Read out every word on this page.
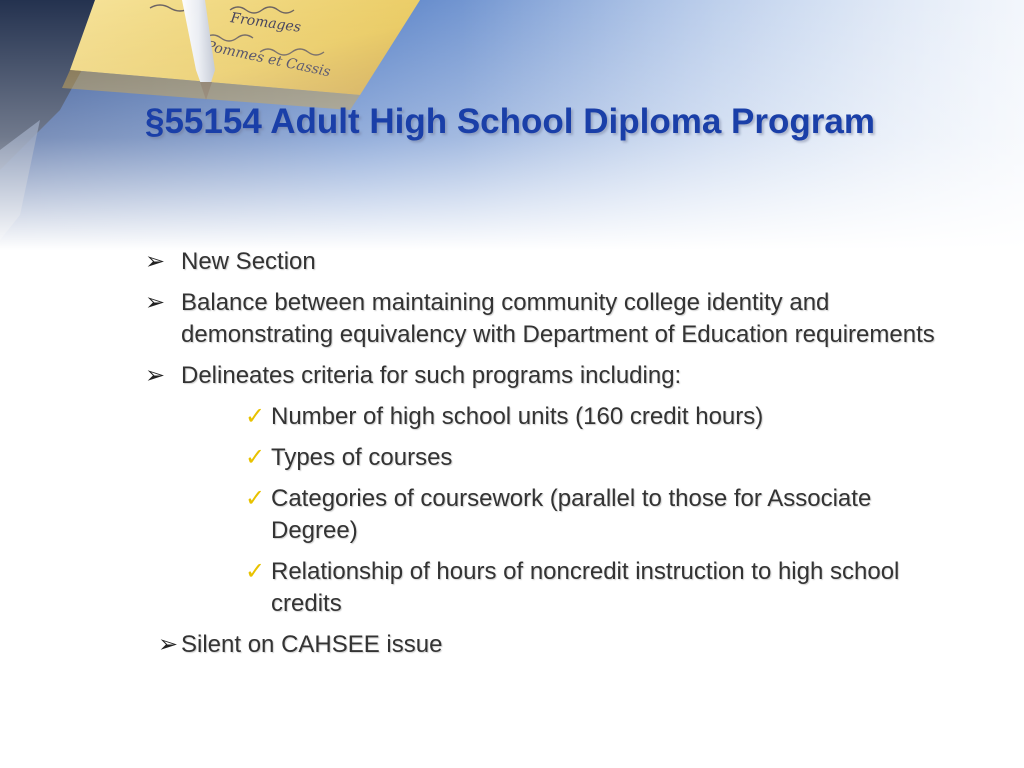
§55154 Adult High School Diploma Program
➢ New Section
➢ Balance between maintaining community college identity and demonstrating equivalency with Department of Education requirements
➢ Delineates criteria for such programs including:
✓ Number of high school units (160 credit hours)
✓ Types of courses
✓ Categories of coursework (parallel to those for Associate Degree)
✓ Relationship of hours of noncredit instruction to high school credits
➢ Silent on CAHSEE issue
